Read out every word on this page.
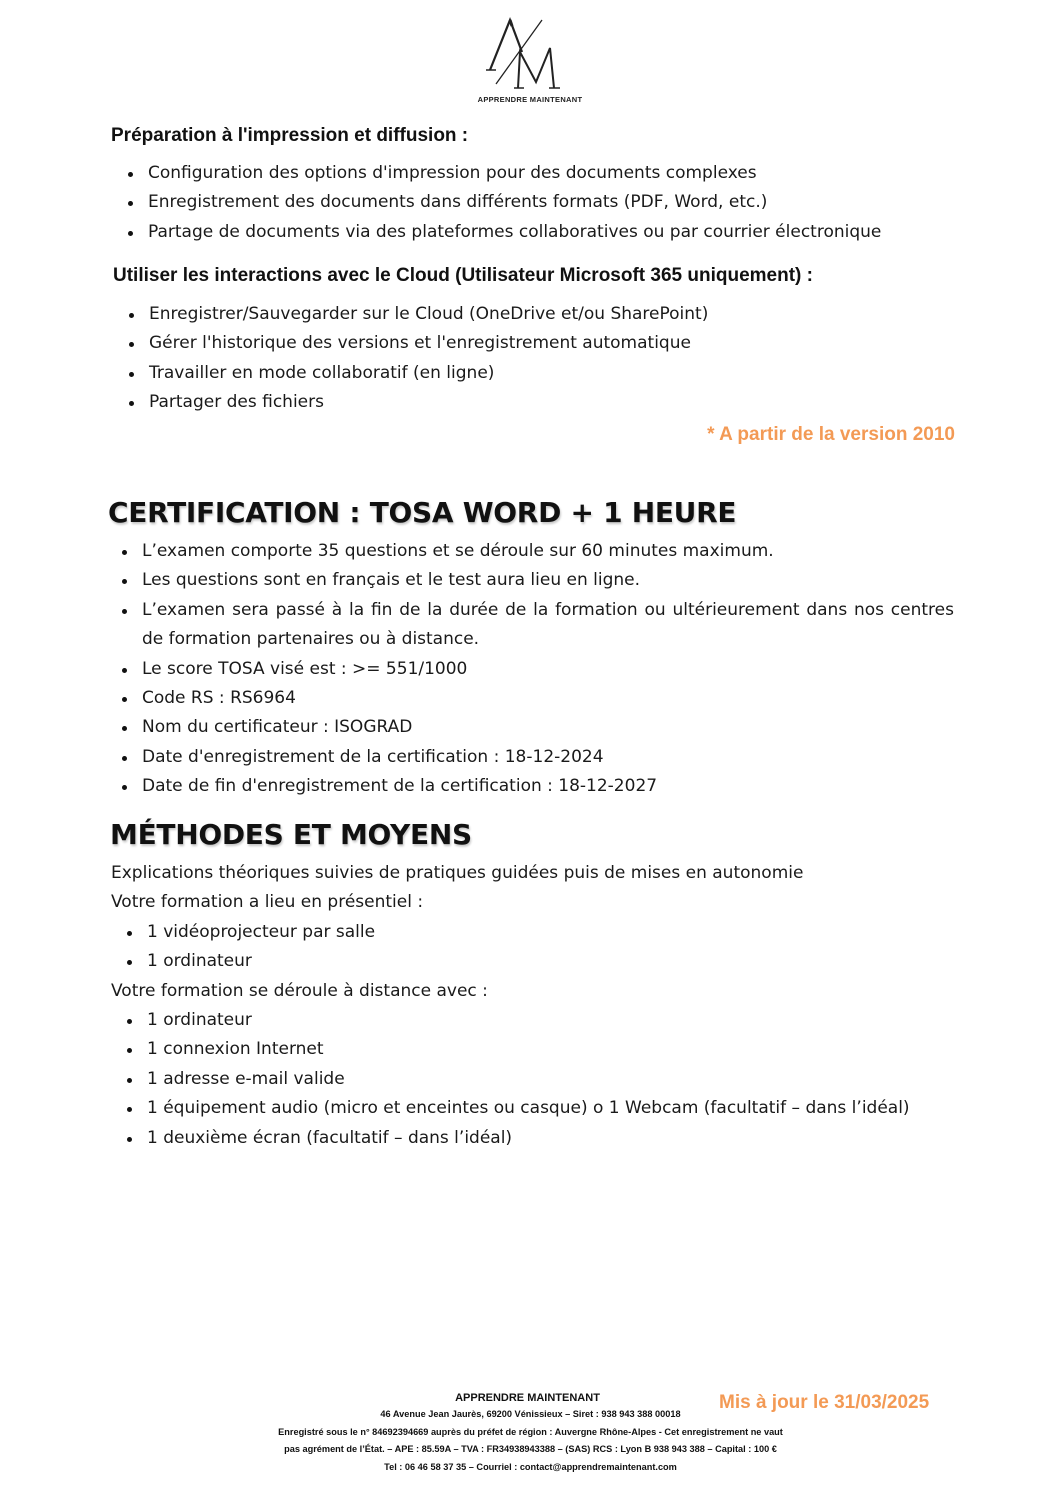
APPRENDRE MAINTENANT
Préparation à l'impression et diffusion :
Configuration des options d'impression pour des documents complexes
Enregistrement des documents dans différents formats (PDF, Word, etc.)
Partage de documents via des plateformes collaboratives ou par courrier électronique
Utiliser les interactions avec le Cloud (Utilisateur Microsoft 365 uniquement) :
Enregistrer/Sauvegarder sur le Cloud (OneDrive et/ou SharePoint)
Gérer l'historique des versions et l'enregistrement automatique
Travailler en mode collaboratif (en ligne)
Partager des fichiers
* A partir de la version 2010
CERTIFICATION : TOSA WORD + 1 HEURE
L’examen comporte 35 questions et se déroule sur 60 minutes maximum.
Les questions sont en français et le test aura lieu en ligne.
L’examen sera passé à la fin de la durée de la formation ou ultérieurement dans nos centres de formation partenaires ou à distance.
Le score TOSA visé est : >= 551/1000
Code RS : RS6964
Nom du certificateur : ISOGRAD
Date d'enregistrement de la certification : 18-12-2024
Date de fin d'enregistrement de la certification : 18-12-2027
MÉTHODES ET MOYENS
Explications théoriques suivies de pratiques guidées puis de mises en autonomie
Votre formation a lieu en présentiel :
1 vidéoprojecteur par salle
1 ordinateur
Votre formation se déroule à distance avec :
1 ordinateur
1 connexion Internet
1 adresse e-mail valide
1 équipement audio (micro et enceintes ou casque) o 1 Webcam (facultatif – dans l’idéal)
1 deuxième écran (facultatif – dans l’idéal)
APPRENDRE MAINTENANT
46 Avenue Jean Jaurès, 69200 Vénissieux – Siret : 938 943 388 00018
Enregistré sous le n° 84692394669 auprès du préfet de région : Auvergne Rhône-Alpes - Cet enregistrement ne vaut
pas agrément de l’État. – APE : 85.59A – TVA : FR34938943388 – (SAS) RCS : Lyon B 938 943 388 – Capital : 100 €
Tel : 06 46 58 37 35 – Courriel : contact@apprendremaintenant.com
Mis à jour le 31/03/2025
